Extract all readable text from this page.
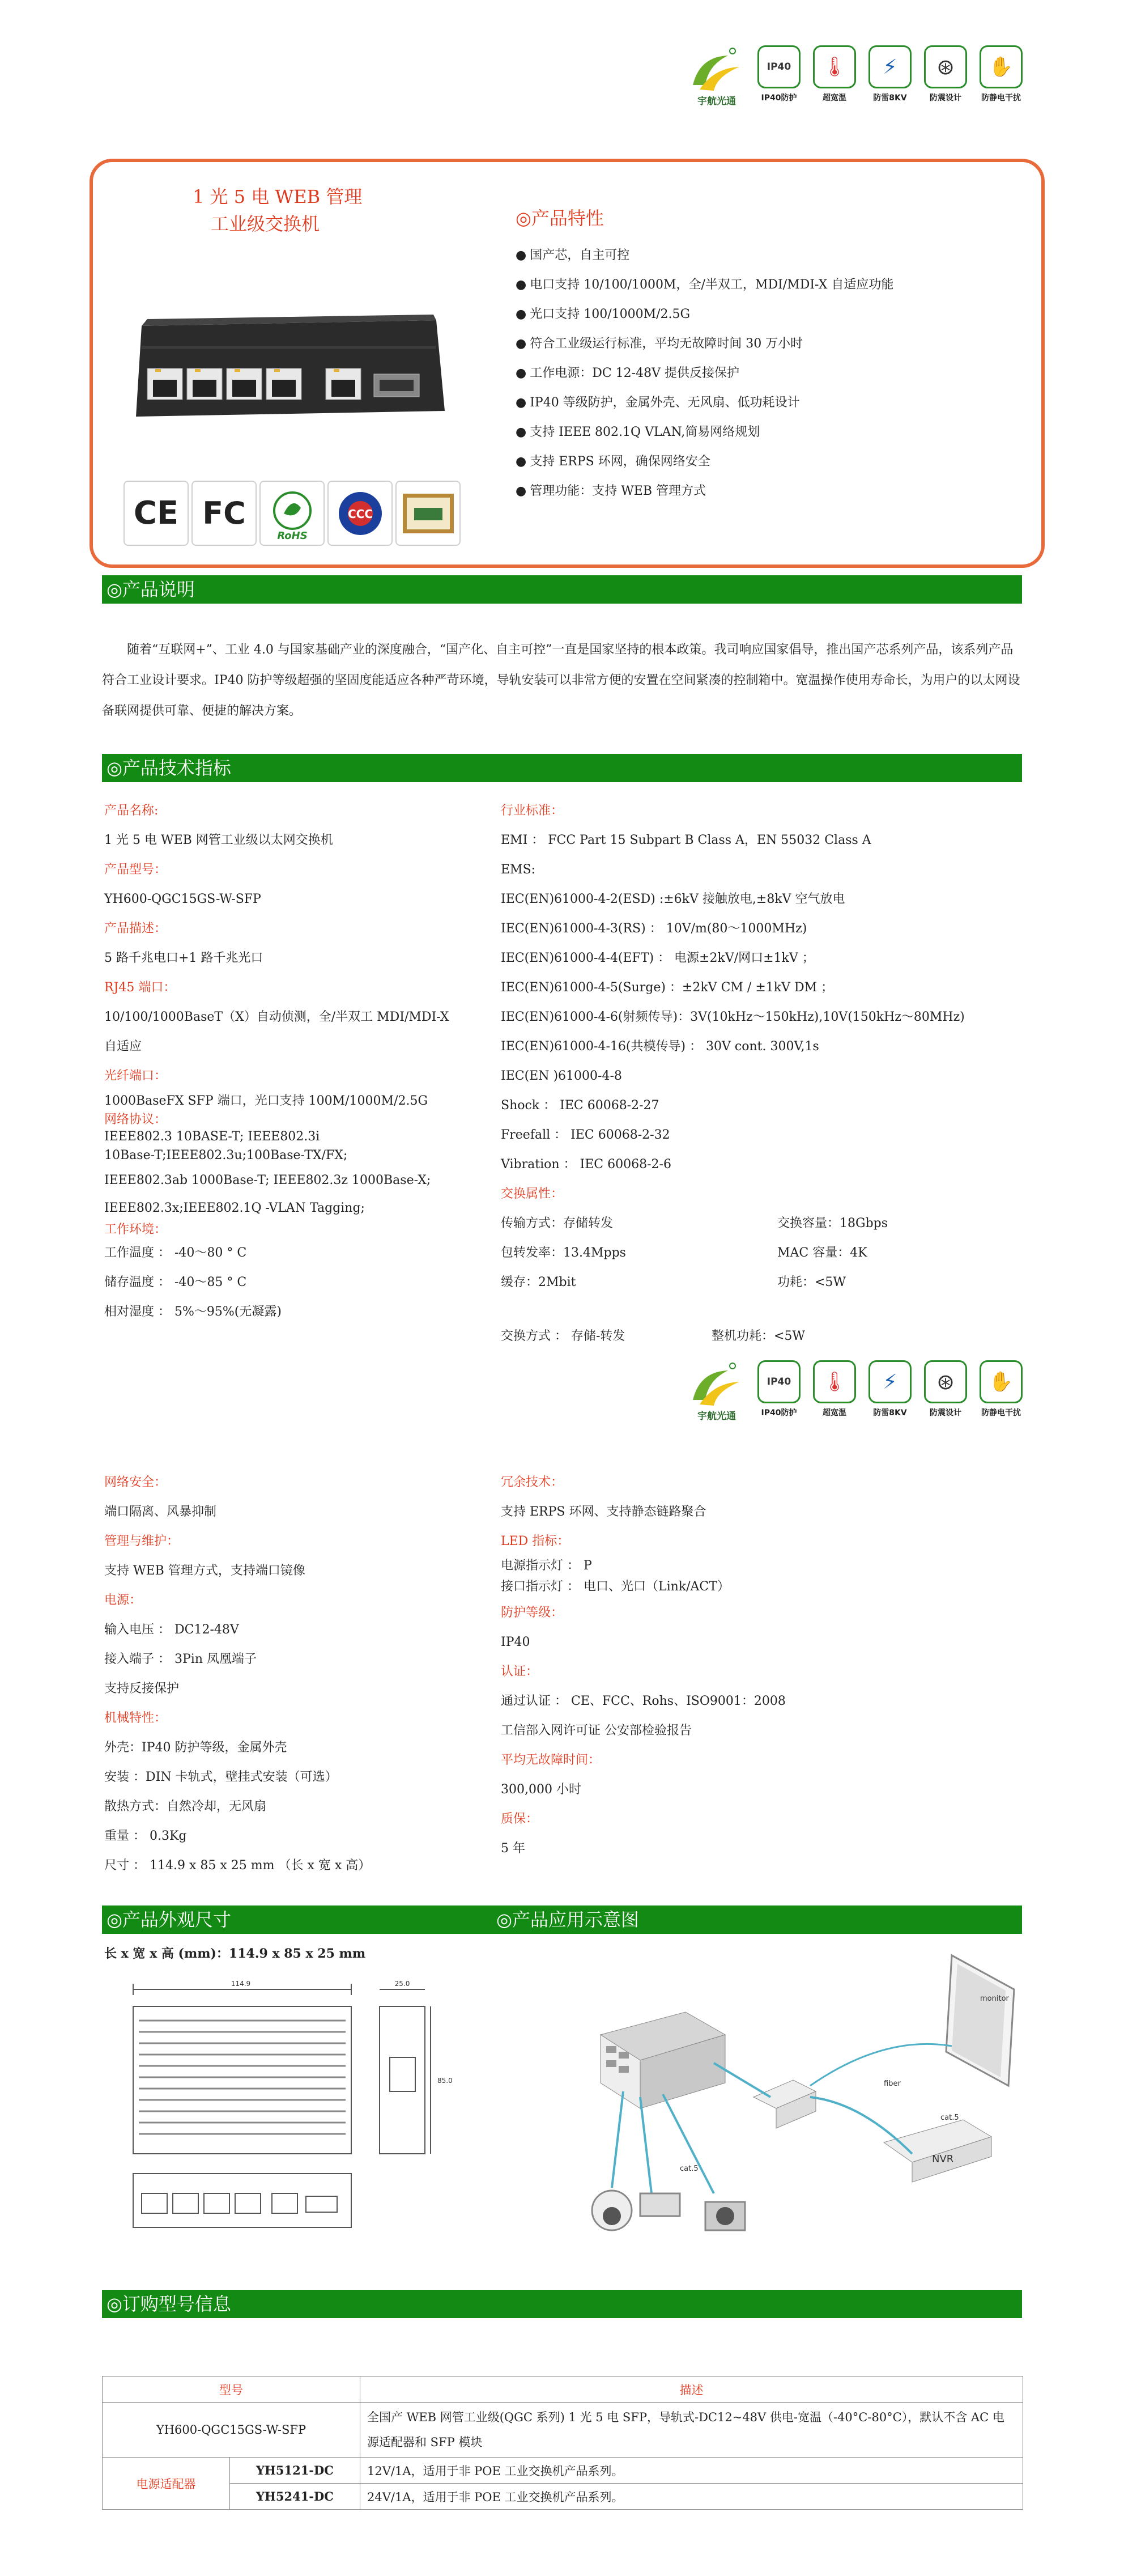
宇航光通
IP40
IP40防护
🌡
超宽温
⚡
防雷8KV
⊛
防震设计
✋
防静电干扰
1 光 5 电 WEB 管理
工业级交换机
CE FC
RoHS
CCC
◎产品特性
● 国产芯，自主可控
● 电口支持 10/100/1000M，全/半双工，MDI/MDI-X 自适应功能
● 光口支持 100/1000M/2.5G
● 符合工业级运行标准，平均无故障时间 30 万小时
● 工作电源：DC 12-48V 提供反接保护
● IP40 等级防护，金属外壳、无风扇、低功耗设计
● 支持 IEEE 802.1Q VLAN,简易网络规划
● 支持 ERPS 环网，确保网络安全
● 管理功能：支持 WEB 管理方式
◎产品说明
随着“互联网+”、工业 4.0 与国家基础产业的深度融合，“国产化、自主可控”一直是国家坚持的根本政策。我司响应国家倡导，推出国产芯系列产品，该系列产品符合工业设计要求。IP40 防护等级超强的坚固度能适应各种严苛环境，导轨安装可以非常方便的安置在空间紧凑的控制箱中。宽温操作使用寿命长，为用户的以太网设备联网提供可靠、便捷的解决方案。
◎产品技术指标
产品名称:
1 光 5 电 WEB 网管工业级以太网交换机
产品型号：
YH600-QGC15GS-W-SFP
产品描述：
5 路千兆电口+1 路千兆光口
RJ45 端口：
10/100/1000BaseT（X）自动侦测，全/半双工 MDI/MDI-X
自适应
光纤端口：
1000BaseFX SFP 端口，光口支持 100M/1000M/2.5G
网络协议：
IEEE802.3 10BASE-T; IEEE802.3i
10Base-T;IEEE802.3u;100Base-TX/FX;
IEEE802.3ab 1000Base-T; IEEE802.3z 1000Base-X;
IEEE802.3x;IEEE802.1Q -VLAN Tagging;
工作环境：
工作温度 ： -40～80 ° C
储存温度 ： -40～85 ° C
相对湿度 ： 5%～95%(无凝露)
行业标准：
EMI ： FCC Part 15 Subpart B Class A，EN 55032 Class A
EMS:
IEC(EN)61000-4-2(ESD) :±6kV 接触放电,±8kV 空气放电
IEC(EN)61000-4-3(RS) ： 10V/m(80～1000MHz)
IEC(EN)61000-4-4(EFT) ： 电源±2kV/网口±1kV ；
IEC(EN)61000-4-5(Surge) ：±2kV CM / ±1kV DM ；
IEC(EN)61000-4-6(射频传导)：3V(10kHz～150kHz),10V(150kHz～80MHz)
IEC(EN)61000-4-16(共模传导) ： 30V cont. 300V,1s
IEC(EN )61000-4-8
Shock ： IEC 60068-2-27
Freefall ： IEC 60068-2-32
Vibration ： IEC 60068-2-6
交换属性：
传输方式：存储转发	交换容量：18Gbps
包转发率：13.4Mpps	MAC 容量：4K
缓存：2Mbit	功耗：<5W
交换方式 ： 存储-转发	整机功耗：<5W
宇航光通
IP40
IP40防护
🌡
超宽温
⚡
防雷8KV
⊛
防震设计
✋
防静电干扰
网络安全：
端口隔离、风暴抑制
管理与维护：
支持 WEB 管理方式，支持端口镜像
电源：
输入电压 ： DC12-48V
接入端子 ： 3Pin 凤凰端子
支持反接保护
机械特性：
外壳：IP40 防护等级，金属外壳
安装 ：DIN 卡轨式，壁挂式安装（可选）
散热方式：自然冷却，无风扇
重量 ： 0.3Kg
尺寸 ： 114.9 x 85 x 25 mm （长 x 宽 x 高）
冗余技术：
支持 ERPS 环网、支持静态链路聚合
LED 指标：
电源指示灯 ： P
接口指示灯 ： 电口、光口（Link/ACT）
防护等级：
IP40
认证：
通过认证 ： CE、FCC、Rohs、ISO9001：2008
工信部入网许可证 公安部检验报告
平均无故障时间：
300,000 小时
质保：
5 年
◎产品外观尺寸	◎产品应用示意图
长 x 宽 x 高 (mm)：114.9 x 85 x 25 mm
114.9	25.0
85.0
monitor
NVR
cat.5
cat.5
fiber
◎订购型号信息
型号		描述
YH600-QGC15GS-W-SFP		全国产 WEB 网管工业级(QGC 系列) 1 光 5 电 SFP，导轨式-DC12~48V 供电-宽温（-40°C-80°C），默认不含 AC 电源适配器和 SFP 模块
电源适配器	YH5121-DC	12V/1A，适用于非 POE 工业交换机产品系列。
	YH5241-DC	24V/1A，适用于非 POE 工业交换机产品系列。
